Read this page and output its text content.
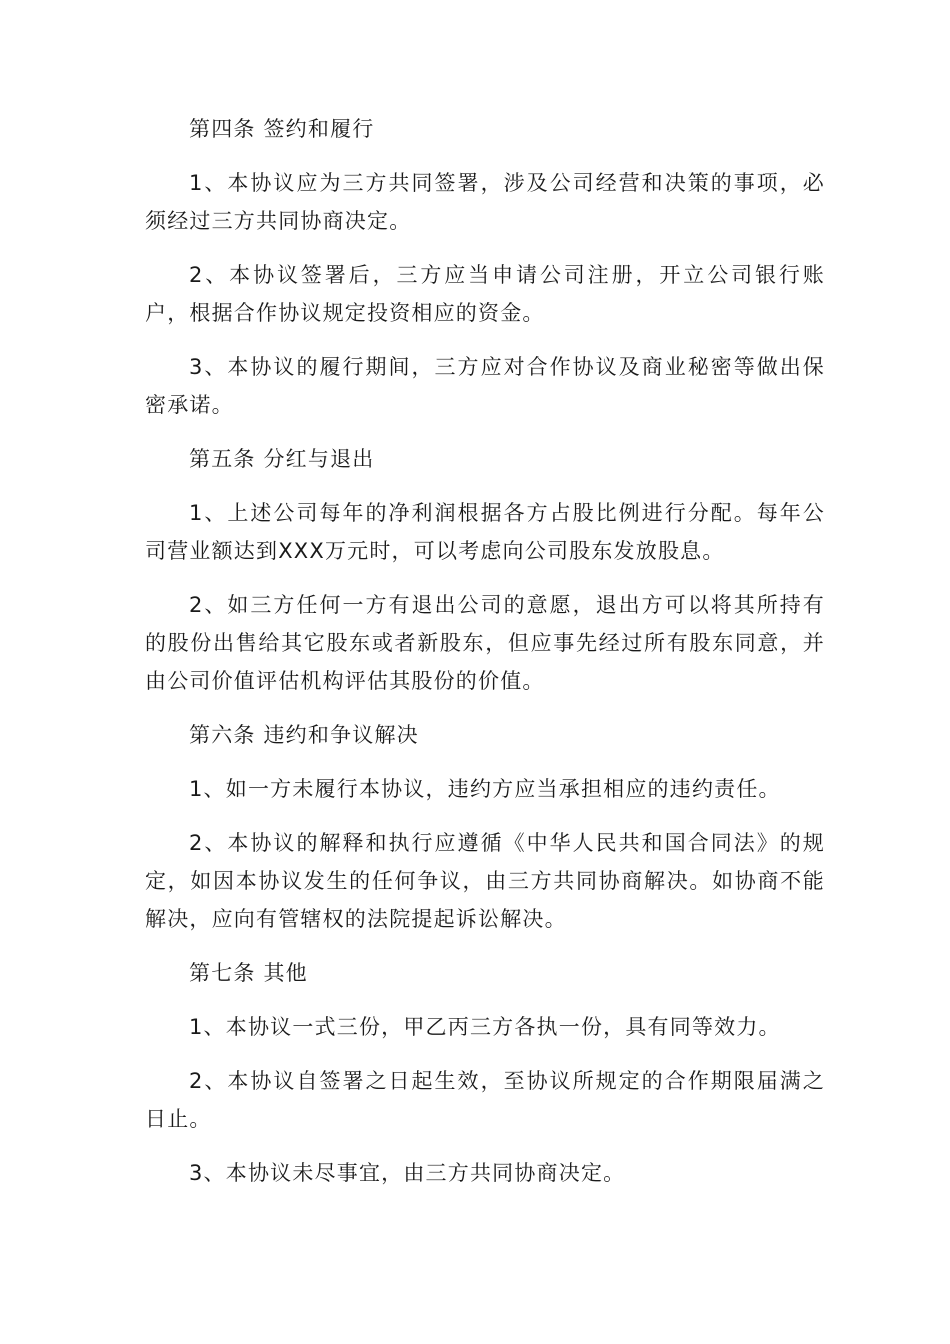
第四条 签约和履行

1、本协议应为三方共同签署，涉及公司经营和决策的事项，必须经过三方共同协商决定。

2、本协议签署后，三方应当申请公司注册，开立公司银行账户，根据合作协议规定投资相应的资金。

3、本协议的履行期间，三方应对合作协议及商业秘密等做出保密承诺。

第五条 分红与退出

1、上述公司每年的净利润根据各方占股比例进行分配。每年公司营业额达到XXX万元时，可以考虑向公司股东发放股息。

2、如三方任何一方有退出公司的意愿，退出方可以将其所持有的股份出售给其它股东或者新股东，但应事先经过所有股东同意，并由公司价值评估机构评估其股份的价值。

第六条 违约和争议解决

1、如一方未履行本协议，违约方应当承担相应的违约责任。

2、本协议的解释和执行应遵循《中华人民共和国合同法》的规定，如因本协议发生的任何争议，由三方共同协商解决。如协商不能解决，应向有管辖权的法院提起诉讼解决。

第七条 其他

1、本协议一式三份，甲乙丙三方各执一份，具有同等效力。

2、本协议自签署之日起生效，至协议所规定的合作期限届满之日止。

3、本协议未尽事宜，由三方共同协商决定。
